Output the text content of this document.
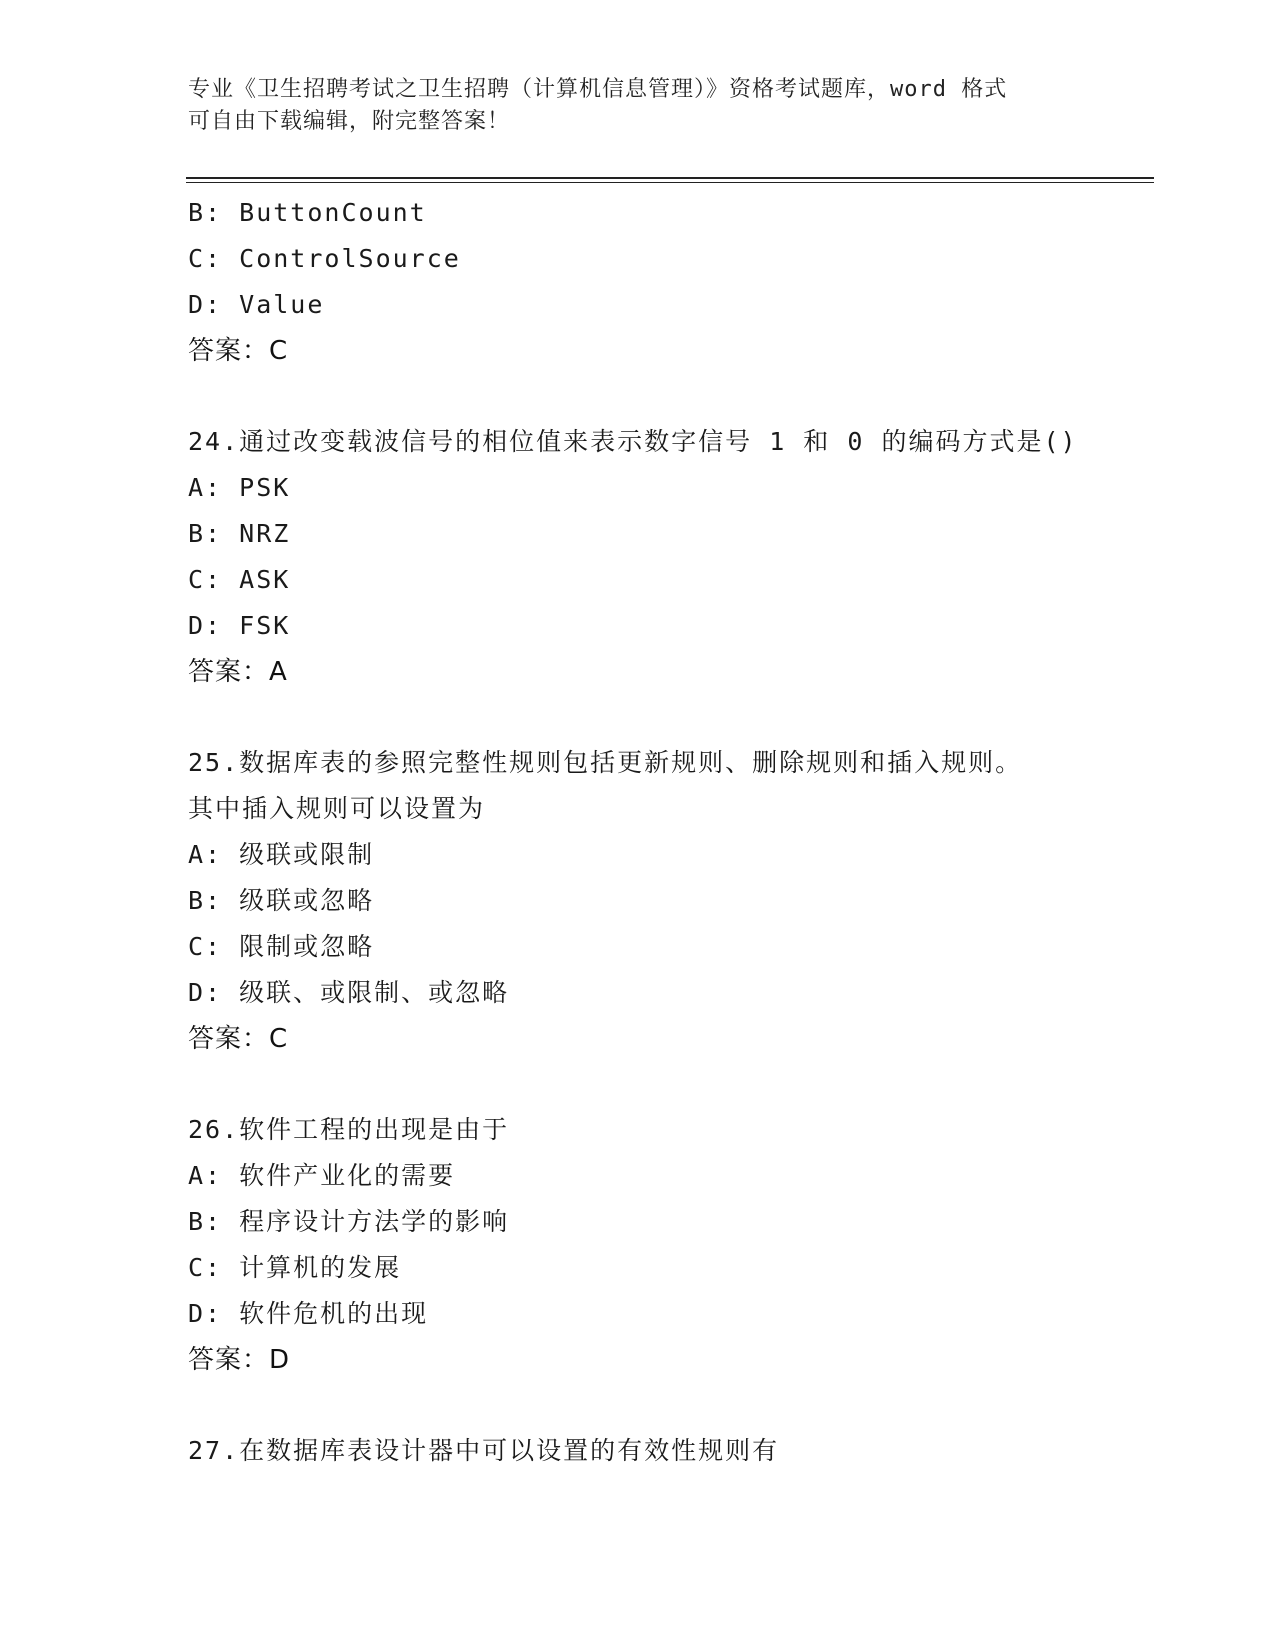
专业《卫生招聘考试之卫生招聘（计算机信息管理）》资格考试题库，word 格式
可自由下载编辑，附完整答案！
B: ButtonCount
C: ControlSource
D: Value
答案：C
24.通过改变载波信号的相位值来表示数字信号 1 和 0 的编码方式是()
A: PSK
B: NRZ
C: ASK
D: FSK
答案：A
25.数据库表的参照完整性规则包括更新规则、删除规则和插入规则。
其中插入规则可以设置为
A: 级联或限制
B: 级联或忽略
C: 限制或忽略
D: 级联、或限制、或忽略
答案：C
26.软件工程的出现是由于
A: 软件产业化的需要
B: 程序设计方法学的影响
C: 计算机的发展
D: 软件危机的出现
答案：D
27.在数据库表设计器中可以设置的有效性规则有
